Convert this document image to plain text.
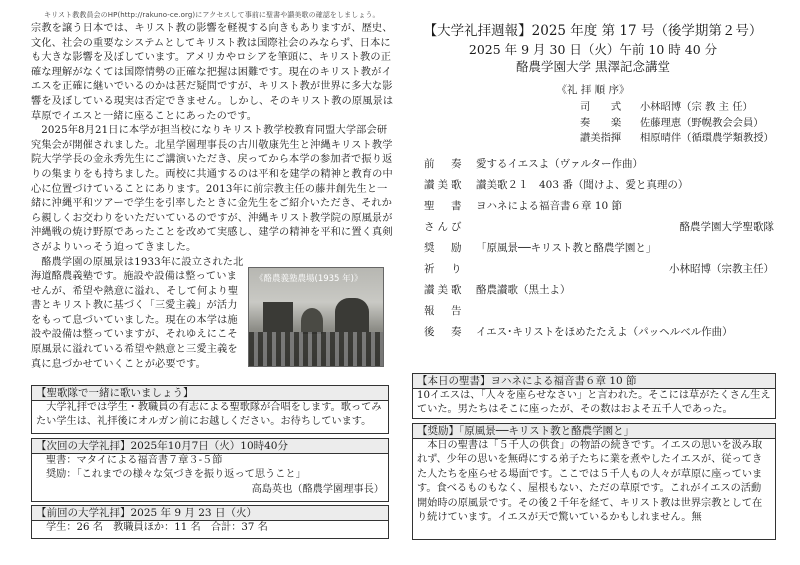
キリスト教教員会のHP(http://rakuno-ce.org)にアクセスして事前に聖書や讃美歌の確認をしましょう。

宗教を譲う日本では、キリスト教の影響を軽視する向きもありますが、歴史、文化、社会の重要なシステムとしてキリスト教は国際社会のみならず、日本にも大きな影響を及ぼしています。アメリカやロシアを筆頭に、キリスト教の正確な理解がなくては国際情勢の正確な把握は困難です。現在のキリスト教がイエスを正確に継いでいるのかは甚だ疑問ですが、キリスト教が世界に多大な影響を及ぼしている現実は否定できません。しかし、そのキリスト教の原風景は草原でイエスと一緒に座ることにあったのです。

2025年8月21日に本学が担当校になりキリスト教学校教育同盟大学部会研究集会が開催されました。北星学園理事長の古川敬康先生と沖縄キリスト教学院大学学長の金永秀先生にご講演いただき、戻ってから本学の参加者で振り返りの集まりをも持ちました。両校に共通するのは平和を建学の精神と教育の中心に位置づけていることにあります。2013年に前宗教主任の藤井創先生と一緒に沖縄平和ツアーで学生を引率したときに金先生をご紹介いただき、それから親しくお交わりをいただいているのですが、沖縄キリスト教学院の原風景が沖縄戦の焼け野原であったことを改めて実感し、建学の精神を平和に置く真剣さがよりいっそう迫ってきました。

酪農学園の原風景は1933年に設立された北海道酪農義塾です。施設や設備は整っていませんが、希望や熱意に溢れ、そして何より聖書とキリスト教に基づく「三愛主義」が活力をもって息づいていました。現在の本学は施設や設備は整っていますが、それゆえにこそ原風景に溢れている希望や熱意と三愛主義を真に息づかせていくことが必要です。

《酪農義塾農場(1935 年)》
【聖歌隊で一緒に歌いましょう】
大学礼拝では学生・教職員の有志による聖歌隊が合唱をします。歌ってみたい学生は、礼拝後にオルガン前にお越しください。お待ちしています。
【次回の大学礼拝】2025年10月7日（火）10時40分
聖書：マタイによる福音書７章３-５節
奨励：「これまでの様々な気づきを振り返って思うこと」
高島英也（酪農学園理事長）
【前回の大学礼拝】2025 年 9 月 23 日（火）
学生：26 名　教職員ほか：11 名　合計：37 名
【大学礼拝週報】2025 年度 第 17 号（後学期第２号）
2025 年 9 月 30 日（火）午前 10 時 40 分
酪農学園大学 黒澤記念講堂
《礼 拝 順 序》
司　　式 小林昭博（宗 教 主 任）
奏　　楽 佐藤理恵（野幌教会会員）
讃美指揮 相原晴伴（循環農学類教授）
前　奏 愛するイエスよ（ヴァルター作曲）
讃美歌 讃美歌２１　403 番（聞けよ、愛と真理の）
聖　書 ヨハネによる福音書６章 10 節
さんび	酪農学園大学聖歌隊
奨　励 「原風景──キリスト教と酪農学園と」
祈　り	小林昭博（宗教主任）
讃美歌 酪農讃歌（黒土よ）
報　告
後　奏 イエス･キリストをほめたたえよ（パッヘルベル作曲）
【本日の聖書】ヨハネによる福音書６章 10 節
10イエスは、「人々を座らせなさい」と言われた。そこには草がたくさん生えていた。男たちはそこに座ったが、その数はおよそ五千人であった。
【奨励】「原風景──キリスト教と酪農学園と」
本日の聖書は「５千人の供食」の物語の続きです。イエスの思いを汲み取れず、少年の思いを無碍にする弟子たちに業を煮やしたイエスが、従ってきた人たちを座らせる場面です。ここでは５千人もの人々が草原に座っています。食べるものもなく、屋根もない、ただの草原です。これがイエスの活動開始時の原風景です。その後２千年を経て、キリスト教は世界宗教として在り続けています。イエスが天で驚いているかもしれません。無
